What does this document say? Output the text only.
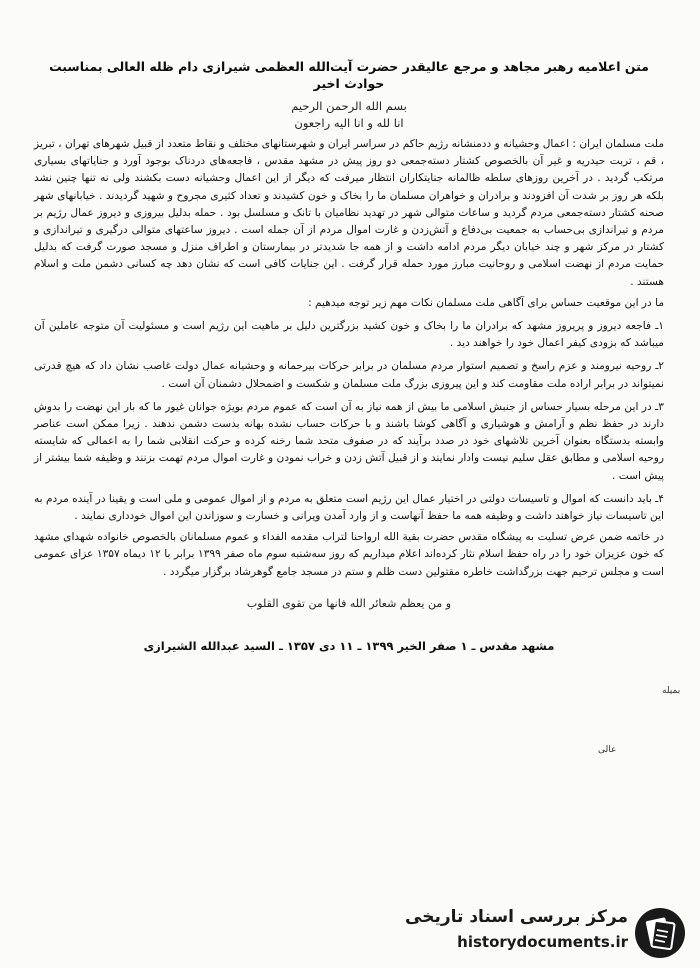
متن اعلامیه رهبر مجاهد و مرجع عالیقدر حضرت آیت‌الله العظمی شیرازی دام ظله العالی بمناسبت حوادث اخیر

بسم الله الرحمن الرحیم

انا لله و انا الیه راجعون

ملت مسلمان ایران : اعمال وحشیانه و ددمنشانه رژیم حاکم در سراسر ایران و شهرستانهای مختلف و نقاط متعدد از قبیل شهرهای تهران ، تبریز ، قم ، تربت حیدریه و غیر آن بالخصوص کشتار دسته‌جمعی دو روز پیش در مشهد مقدس ، فاجعه‌های دردناک بوجود آورد و جنایاتهای بسیاری مرتکب گردید . در آخرین روزهای سلطه ظالمانه جنایتکاران انتظار میرفت که دیگر از این اعمال وحشیانه دست بکشند ولی نه تنها چنین نشد بلکه هر روز بر شدت آن افزودند و برادران و خواهران مسلمان ما را بخاک و خون کشیدند و تعداد کثیری مجروح و شهید گردیدند . خیابانهای شهر صحنه کشتار دسته‌جمعی مردم گردید و ساعات متوالی شهر در تهدید نظامیان با تانک و مسلسل بود . حمله بدلیل بیروزی و دیروز عمال رژیم بر مردم و تیراندازی بی‌حساب به جمعیت بی‌دفاع و آتش‌زدن و غارت اموال مردم از آن جمله است . دیروز ساعتهای متوالی درگیری و تیراندازی و کشتار در مرکز شهر و چند خیابان دیگر مردم ادامه داشت و از همه جا شدیدتر در بیمارستان و اطراف منزل و مسجد صورت گرفت که بدلیل حمایت مردم از نهضت اسلامی و روحانیت مبارز مورد حمله قرار گرفت . این جنایات کافی است که نشان دهد چه کسانی دشمن ملت و اسلام هستند .

ما در این موقعیت حساس برای آگاهی ملت مسلمان نکات مهم زیر توجه میدهیم :

۱ـ فاجعه دیروز و پریروز مشهد که برادران ما را بخاک و خون کشید بزرگترین دلیل بر ماهیت این رژیم است و مسئولیت آن متوجه عاملین آن میباشد که بزودی کیفر اعمال خود را خواهند دید .

۲ـ روحیه نیرومند و عزم راسخ و تصمیم استوار مردم مسلمان در برابر حرکات بیرحمانه و وحشیانه عمال دولت غاصب نشان داد که هیچ قدرتی نمیتواند در برابر اراده ملت مقاومت کند و این پیروزی بزرگ ملت مسلمان و شکست و اضمحلال دشمنان آن است .

۳ـ در این مرحله بسیار حساس از جنبش اسلامی ما بیش از همه نیاز به آن است که عموم مردم بویژه جوانان غیور ما که بار این نهضت را بدوش دارند در حفظ نظم و آرامش و هوشیاری و آگاهی کوشا باشند و با حرکات حساب نشده بهانه بدست دشمن ندهند . زیرا ممکن است عناصر وابسته بدستگاه بعنوان آخرین تلاشهای خود در صدد برآیند که در صفوف متحد شما رخنه کرده و حرکت انقلابی شما را به اعمالی که شایسته روحیه اسلامی و مطابق عقل سلیم نیست وادار نمایند و از قبیل آتش زدن و خراب نمودن و غارت اموال مردم تهمت بزنند و وظیفه شما بیشتر از پیش است .

۴ـ باید دانست که اموال و تاسیسات دولتی در اختیار عمال این رژیم است متعلق به مردم و از اموال عمومی و ملی است و یقینا در آینده مردم به این تاسیسات نیاز خواهند داشت و وظیفه همه ما حفظ آنهاست و از وارد آمدن ویرانی و خسارت و سوزاندن این اموال خودداری نمایند .

در خاتمه ضمن عرض تسلیت به پیشگاه مقدس حضرت بقیة الله ارواحنا لتراب مقدمه الفداء و عموم مسلمانان بالخصوص خانواده شهدای مشهد که خون عزیزان خود را در راه حفظ اسلام نثار کرده‌اند اعلام میداریم که روز سه‌شنبه سوم ماه صفر ۱۳۹۹ برابر با ۱۲ دیماه ۱۳۵۷ عزای عمومی است و مجلس ترحیم جهت بزرگداشت خاطره مقتولین دست ظلم و ستم در مسجد جامع گوهرشاد برگزار میگردد .

و من یعظم شعائر الله فانها من تقوی القلوب

مشهد مقدس ـ ۱ صفر الخیر ۱۳۹۹ ـ ۱۱ دی ۱۳۵۷ ـ السید عبدالله الشیرازی

بمیله
عالی
مرکز بررسی اسناد تاریخی
historydocuments.ir
